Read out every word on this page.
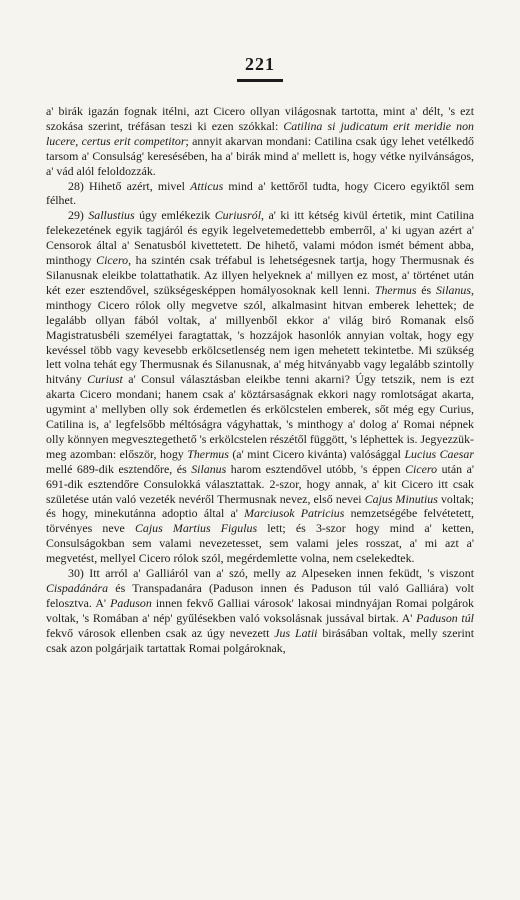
221

a' birák igazán fognak itélni, azt Cicero ollyan világosnak tartotta, mint a' délt, 's ezt szokása szerint, tréfásan teszi ki ezen szókkal: Catilina si judicatum erit meridie non lucere, certus erit competitor; annyit akarvan mondani: Catilina csak úgy lehet vetélkedő tarsom a' Consulság' keresésében, ha a' birák mind a' mellett is, hogy vétke nyilvánságos, a' vád alól feloldozzák.

28) Hihető azért, mivel Atticus mind a' kettőről tudta, hogy Cicero egyiktől sem félhet.

29) Sallustius úgy emlékezik Curiusról, a' ki itt kétség kivül értetik, mint Catilina felekezetének egyik tagjáról és egyik legelvetemedettebb emberről, a' ki ugyan azért a' Censorok által a' Senatusból kivettetett. De hihető, valami módon ismét bément abba, minthogy Cicero, ha szintén csak tréfabul is lehetségesnek tartja, hogy Thermusnak és Silanusnak eleikbe tolattathatik. Az illyen helyeknek a' millyen ez most, a' történet után két ezer esztendővel, szükségesképpen homályosoknak kell lenni. Thermus és Silanus, minthogy Cicero rólok olly megvetve szól, alkalmasint hitvan emberek lehettek; de legalább ollyan fából voltak, a' millyenből ekkor a' világ biró Romanak első Magistratusbéli személyei faragtattak, 's hozzájok hasonlók annyian voltak, hogy egy kevéssel több vagy kevesebb erkölcsetlenség nem igen mehetett tekintetbe. Mi szükség lett volna tehát egy Thermusnak és Silanusnak, a' még hitványabb vagy legalább szintolly hitvány Curiust a' Consul választásban eleikbe tenni akarni? Úgy tetszik, nem is ezt akarta Cicero mondani; hanem csak a' köztársaságnak ekkori nagy romlotságat akarta, ugymint a' mellyben olly sok érdemetlen és erkölcstelen emberek, sőt még egy Curius, Catilina is, a' legfelsőbb méltóságra vágyhattak, 's minthogy a' dolog a' Romai népnek olly könnyen megvesztegethető 's erkölcstelen részétől függött, 's léphettek is. Jegyezzük-meg azomban: először, hogy Thermus (a' mint Cicero kivánta) valósággal Lucius Caesar mellé 689-dik esztendőre, és Silanus harom esztendővel utóbb, 's éppen Cicero után a' 691-dik esztendőre Consulokká választattak. 2-szor, hogy annak, a' kit Cicero itt csak születése után való vezeték nevéről Thermusnak nevez, első nevei Cajus Minutius voltak; és hogy, minekutánna adoptio által a' Marciusok Patricius nemzetségébe felvétetett, törvényes neve Cajus Martius Figulus lett; és 3-szor hogy mind a' ketten, Consulságokban sem valami nevezetesset, sem valami jeles rosszat, a' mi azt a' megvetést, mellyel Cicero rólok szól, megérdemlette volna, nem cselekedtek.

30) Itt arról a' Galliáról van a' szó, melly az Alpeseken innen feküdt, 's viszont Cispadánára és Transpadanára (Paduson innen és Paduson túl való Galliára) volt felosztva. A' Paduson innen fekvő Galliai városok' lakosai mindnyájan Romai polgárok voltak, 's Romában a' nép' gyűlésekben való voksolásnak jussával birtak. A' Paduson túl fekvő városok ellenben csak az úgy nevezett Jus Latii birásában voltak, melly szerint csak azon polgárjaik tartattak Romai polgároknak,
